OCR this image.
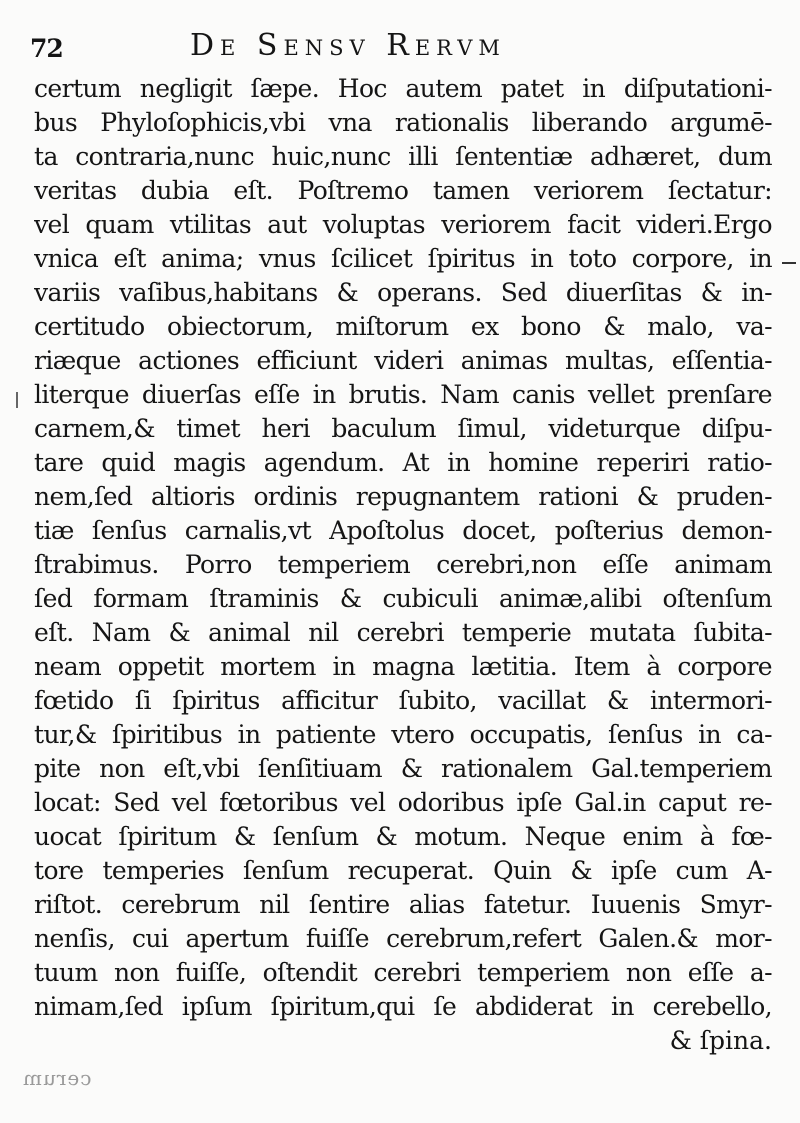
72	De Sensv Rervm
certum negligit ſæpe. Hoc autem patet in diſputationi-
bus Phyloſophicis,vbi vna rationalis liberando argumē-
ta contraria,nunc huic,nunc illi ſententiæ adhæret, dum
veritas dubia eſt. Poſtremo tamen veriorem ſectatur:
vel quam vtilitas aut voluptas veriorem facit videri.Ergo
vnica eſt anima; vnus ſcilicet ſpiritus in toto corpore, in
variis vaſibus,habitans & operans. Sed diuerſitas & in-
certitudo obiectorum, miſtorum ex bono & malo, va-
riæque actiones efficiunt videri animas multas, eſſentia-
literque diuerſas eſſe in brutis. Nam canis vellet prenſare
carnem,& timet heri baculum ſimul, videturque diſpu-
tare quid magis agendum. At in homine reperiri ratio-
nem,ſed altioris ordinis repugnantem rationi & pruden-
tiæ ſenſus carnalis,vt Apoſtolus docet, poſterius demon-
ſtrabimus. Porro temperiem cerebri,non eſſe animam
ſed formam ſtraminis & cubiculi animæ,alibi oſtenſum
eſt. Nam & animal nil cerebri temperie mutata ſubita-
neam oppetit mortem in magna lætitia. Item à corpore
fœtido ſi ſpiritus afficitur ſubito, vacillat & intermori-
tur,& ſpiritibus in patiente vtero occupatis, ſenſus in ca-
pite non eſt,vbi ſenſitiuam & rationalem Gal.temperiem
locat: Sed vel fœtoribus vel odoribus ipſe Gal.in caput re-
uocat ſpiritum & ſenſum & motum. Neque enim à fœ-
tore temperies ſenſum recuperat. Quin & ipſe cum A-
riſtot. cerebrum nil ſentire alias fatetur. Iuuenis Smyr-
nenſis, cui apertum fuiſſe cerebrum,refert Galen.& mor-
tuum non fuiſſe, oſtendit cerebri temperiem non eſſe a-
nimam,ſed ipſum ſpiritum,qui ſe abdiderat in cerebello,
& ſpina.
cerum
